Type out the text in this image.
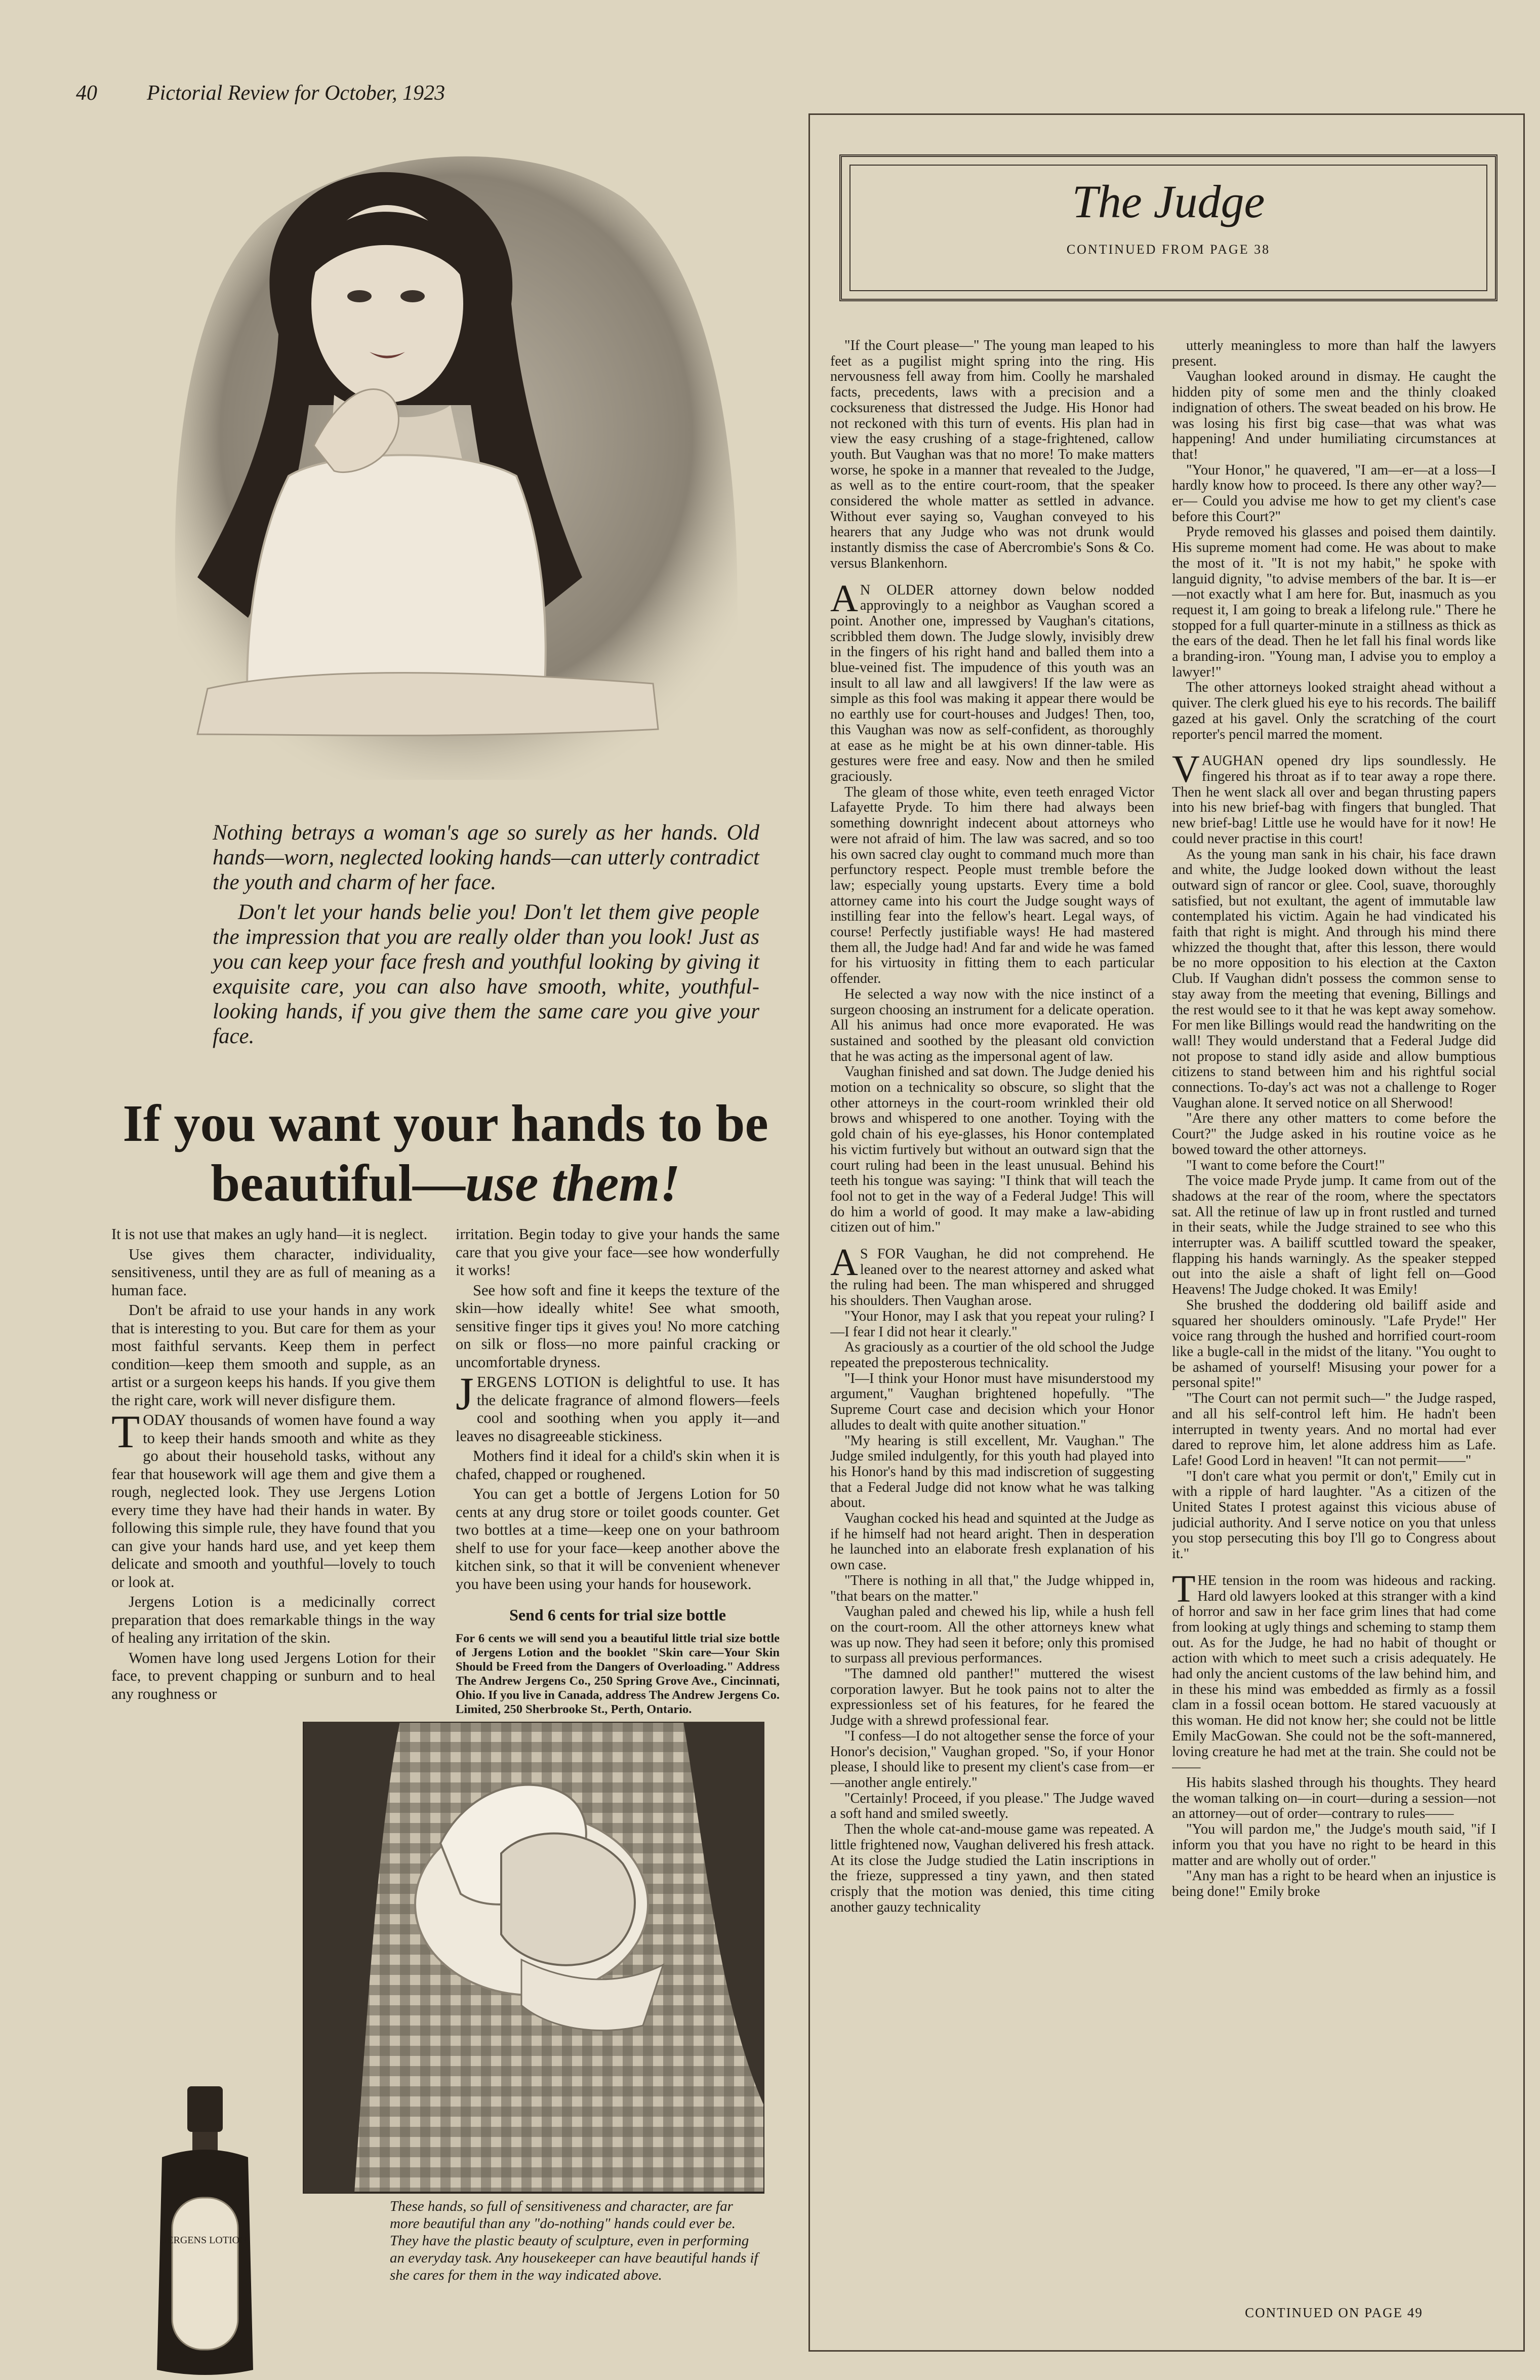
40 Pictorial Review for October, 1923

Nothing betrays a woman's age so surely as her hands. Old hands—worn, neglected looking hands—can utterly contradict the youth and charm of her face.

Don't let your hands belie you! Don't let them give people the impression that you are really older than you look! Just as you can keep your face fresh and youthful looking by giving it exquisite care, you can also have smooth, white, youthful-looking hands, if you give them the same care you give your face.

If you want your hands to be
beautiful—use them!

It is not use that makes an ugly hand—it is neglect.

Use gives them character, individuality, sensitiveness, until they are as full of meaning as a human face.

Don't be afraid to use your hands in any work that is interesting to you. But care for them as your most faithful servants. Keep them in perfect condition—keep them smooth and supple, as an artist or a surgeon keeps his hands. If you give them the right care, work will never disfigure them.

TODAY thousands of women have found a way to keep their hands smooth and white as they go about their household tasks, without any fear that housework will age them and give them a rough, neglected look. They use Jergens Lotion every time they have had their hands in water. By following this simple rule, they have found that you can give your hands hard use, and yet keep them delicate and smooth and youthful—lovely to touch or look at.

Jergens Lotion is a medicinally correct preparation that does remarkable things in the way of healing any irritation of the skin.

Women have long used Jergens Lotion for their face, to prevent chapping or sunburn and to heal any roughness or

irritation. Begin today to give your hands the same care that you give your face—see how wonderfully it works!

See how soft and fine it keeps the texture of the skin—how ideally white! See what smooth, sensitive finger tips it gives you! No more catching on silk or floss—no more painful cracking or uncomfortable dryness.

JERGENS LOTION is delightful to use. It has the delicate fragrance of almond flowers—feels cool and soothing when you apply it—and leaves no disagreeable stickiness.

Mothers find it ideal for a child's skin when it is chafed, chapped or roughened.

You can get a bottle of Jergens Lotion for 50 cents at any drug store or toilet goods counter. Get two bottles at a time—keep one on your bathroom shelf to use for your face—keep another above the kitchen sink, so that it will be convenient whenever you have been using your hands for housework.

Send 6 cents for trial size bottle

For 6 cents we will send you a beautiful little trial size bottle of Jergens Lotion and the booklet "Skin care—Your Skin Should be Freed from the Dangers of Overloading." Address The Andrew Jergens Co., 250 Spring Grove Ave., Cincinnati, Ohio. If you live in Canada, address The Andrew Jergens Co. Limited, 250 Sherbrooke St., Perth, Ontario.

JERGENS LOTION
These hands, so full of sensitiveness and character, are far more beautiful than any "do-nothing" hands could ever be. They have the plastic beauty of sculpture, even in performing an everyday task. Any housekeeper can have beautiful hands if she cares for them in the way indicated above.
The Judge
CONTINUED FROM PAGE 38

"If the Court please—" The young man leaped to his feet as a pugilist might spring into the ring. His nervousness fell away from him. Coolly he marshaled facts, precedents, laws with a precision and a cocksureness that distressed the Judge. His Honor had not reckoned with this turn of events. His plan had in view the easy crushing of a stage-frightened, callow youth. But Vaughan was that no more! To make matters worse, he spoke in a manner that revealed to the Judge, as well as to the entire court-room, that the speaker considered the whole matter as settled in advance. Without ever saying so, Vaughan conveyed to his hearers that any Judge who was not drunk would instantly dismiss the case of Abercrombie's Sons & Co. versus Blankenhorn.

AN OLDER attorney down below nodded approvingly to a neighbor as Vaughan scored a point. Another one, impressed by Vaughan's citations, scribbled them down. The Judge slowly, invisibly drew in the fingers of his right hand and balled them into a blue-veined fist. The impudence of this youth was an insult to all law and all lawgivers! If the law were as simple as this fool was making it appear there would be no earthly use for court-houses and Judges! Then, too, this Vaughan was now as self-confident, as thoroughly at ease as he might be at his own dinner-table. His gestures were free and easy. Now and then he smiled graciously.

The gleam of those white, even teeth enraged Victor Lafayette Pryde. To him there had always been something downright indecent about attorneys who were not afraid of him. The law was sacred, and so too his own sacred clay ought to command much more than perfunctory respect. People must tremble before the law; especially young upstarts. Every time a bold attorney came into his court the Judge sought ways of instilling fear into the fellow's heart. Legal ways, of course! Perfectly justifiable ways! He had mastered them all, the Judge had! And far and wide he was famed for his virtuosity in fitting them to each particular offender.

He selected a way now with the nice instinct of a surgeon choosing an instrument for a delicate operation. All his animus had once more evaporated. He was sustained and soothed by the pleasant old conviction that he was acting as the impersonal agent of law.

Vaughan finished and sat down. The Judge denied his motion on a technicality so obscure, so slight that the other attorneys in the court-room wrinkled their old brows and whispered to one another. Toying with the gold chain of his eye-glasses, his Honor contemplated his victim furtively but without an outward sign that the court ruling had been in the least unusual. Behind his teeth his tongue was saying: "I think that will teach the fool not to get in the way of a Federal Judge! This will do him a world of good. It may make a law-abiding citizen out of him."

AS FOR Vaughan, he did not comprehend. He leaned over to the nearest attorney and asked what the ruling had been. The man whispered and shrugged his shoulders. Then Vaughan arose.

"Your Honor, may I ask that you repeat your ruling? I—I fear I did not hear it clearly."

As graciously as a courtier of the old school the Judge repeated the preposterous technicality.

"I—I think your Honor must have misunderstood my argument," Vaughan brightened hopefully. "The Supreme Court case and decision which your Honor alludes to dealt with quite another situation."

"My hearing is still excellent, Mr. Vaughan." The Judge smiled indulgently, for this youth had played into his Honor's hand by this mad indiscretion of suggesting that a Federal Judge did not know what he was talking about.

Vaughan cocked his head and squinted at the Judge as if he himself had not heard aright. Then in desperation he launched into an elaborate fresh explanation of his own case.

"There is nothing in all that," the Judge whipped in, "that bears on the matter."

Vaughan paled and chewed his lip, while a hush fell on the court-room. All the other attorneys knew what was up now. They had seen it before; only this promised to surpass all previous performances.

"The damned old panther!" muttered the wisest corporation lawyer. But he took pains not to alter the expressionless set of his features, for he feared the Judge with a shrewd professional fear.

"I confess—I do not altogether sense the force of your Honor's decision," Vaughan groped. "So, if your Honor please, I should like to present my client's case from—er—another angle entirely."

"Certainly! Proceed, if you please." The Judge waved a soft hand and smiled sweetly.

Then the whole cat-and-mouse game was repeated. A little frightened now, Vaughan delivered his fresh attack. At its close the Judge studied the Latin inscriptions in the frieze, suppressed a tiny yawn, and then stated crisply that the motion was denied, this time citing another gauzy technicality

utterly meaningless to more than half the lawyers present.

Vaughan looked around in dismay. He caught the hidden pity of some men and the thinly cloaked indignation of others. The sweat beaded on his brow. He was losing his first big case—that was what was happening! And under humiliating circumstances at that!

"Your Honor," he quavered, "I am—er—at a loss—I hardly know how to proceed. Is there any other way?—er— Could you advise me how to get my client's case before this Court?"

Pryde removed his glasses and poised them daintily. His supreme moment had come. He was about to make the most of it. "It is not my habit," he spoke with languid dignity, "to advise members of the bar. It is—er—not exactly what I am here for. But, inasmuch as you request it, I am going to break a lifelong rule." There he stopped for a full quarter-minute in a stillness as thick as the ears of the dead. Then he let fall his final words like a branding-iron. "Young man, I advise you to employ a lawyer!"

The other attorneys looked straight ahead without a quiver. The clerk glued his eye to his records. The bailiff gazed at his gavel. Only the scratching of the court reporter's pencil marred the moment.

VAUGHAN opened dry lips soundlessly. He fingered his throat as if to tear away a rope there. Then he went slack all over and began thrusting papers into his new brief-bag with fingers that bungled. That new brief-bag! Little use he would have for it now! He could never practise in this court!

As the young man sank in his chair, his face drawn and white, the Judge looked down without the least outward sign of rancor or glee. Cool, suave, thoroughly satisfied, but not exultant, the agent of immutable law contemplated his victim. Again he had vindicated his faith that right is might. And through his mind there whizzed the thought that, after this lesson, there would be no more opposition to his election at the Caxton Club. If Vaughan didn't possess the common sense to stay away from the meeting that evening, Billings and the rest would see to it that he was kept away somehow. For men like Billings would read the handwriting on the wall! They would understand that a Federal Judge did not propose to stand idly aside and allow bumptious citizens to stand between him and his rightful social connections. To-day's act was not a challenge to Roger Vaughan alone. It served notice on all Sherwood!

"Are there any other matters to come before the Court?" the Judge asked in his routine voice as he bowed toward the other attorneys.

"I want to come before the Court!"

The voice made Pryde jump. It came from out of the shadows at the rear of the room, where the spectators sat. All the retinue of law up in front rustled and turned in their seats, while the Judge strained to see who this interrupter was. A bailiff scuttled toward the speaker, flapping his hands warningly. As the speaker stepped out into the aisle a shaft of light fell on—Good Heavens! The Judge choked. It was Emily!

She brushed the doddering old bailiff aside and squared her shoulders ominously. "Lafe Pryde!" Her voice rang through the hushed and horrified court-room like a bugle-call in the midst of the litany. "You ought to be ashamed of yourself! Misusing your power for a personal spite!"

"The Court can not permit such—" the Judge rasped, and all his self-control left him. He hadn't been interrupted in twenty years. And no mortal had ever dared to reprove him, let alone address him as Lafe. Lafe! Good Lord in heaven! "It can not permit——"

"I don't care what you permit or don't," Emily cut in with a ripple of hard laughter. "As a citizen of the United States I protest against this vicious abuse of judicial authority. And I serve notice on you that unless you stop persecuting this boy I'll go to Congress about it."

THE tension in the room was hideous and racking. Hard old lawyers looked at this stranger with a kind of horror and saw in her face grim lines that had come from looking at ugly things and scheming to stamp them out. As for the Judge, he had no habit of thought or action with which to meet such a crisis adequately. He had only the ancient customs of the law behind him, and in these his mind was embedded as firmly as a fossil clam in a fossil ocean bottom. He stared vacuously at this woman. He did not know her; she could not be little Emily MacGowan. She could not be the soft-mannered, loving creature he had met at the train. She could not be——

His habits slashed through his thoughts. They heard the woman talking on—in court—during a session—not an attorney—out of order—contrary to rules——

"You will pardon me," the Judge's mouth said, "if I inform you that you have no right to be heard in this matter and are wholly out of order."

"Any man has a right to be heard when an injustice is being done!" Emily broke

CONTINUED ON PAGE 49
